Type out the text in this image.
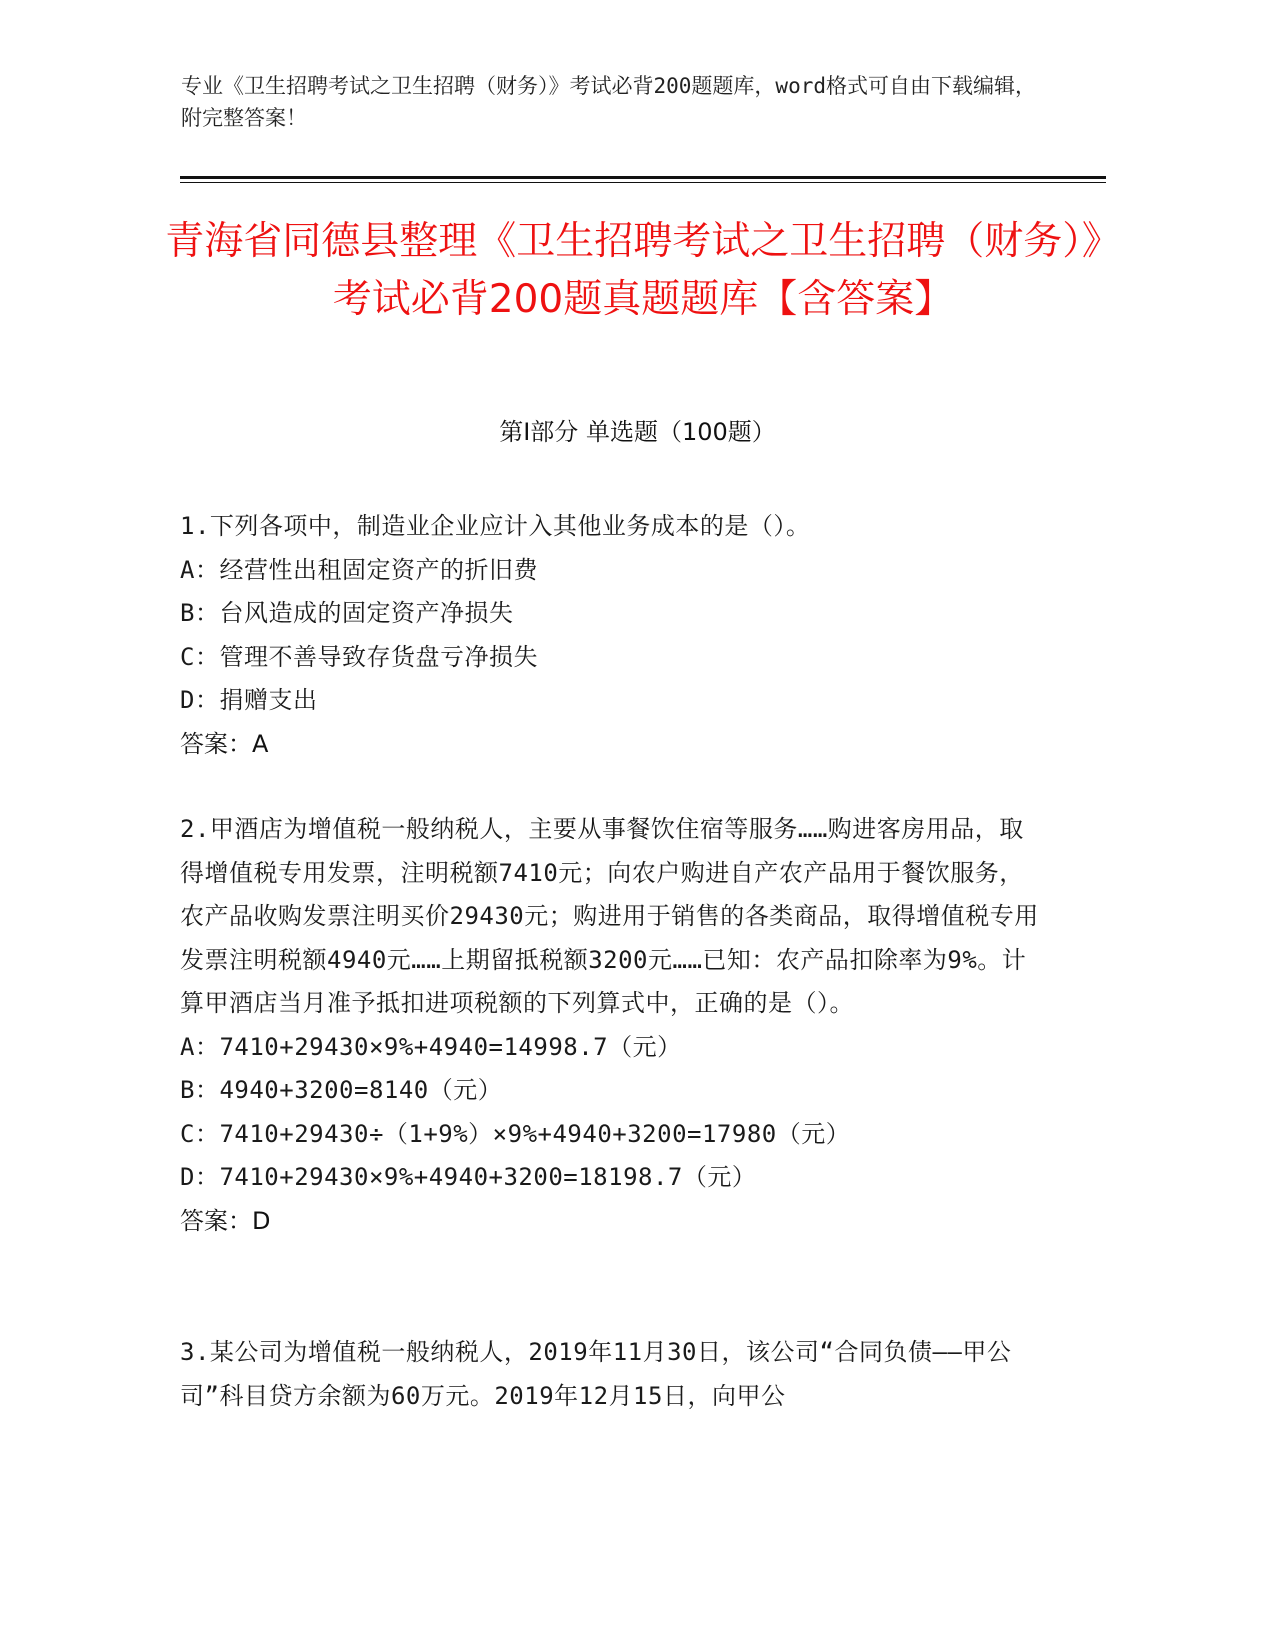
专业《卫生招聘考试之卫生招聘（财务）》考试必背200题题库，word格式可自由下载编辑，附完整答案！
青海省同德县整理《卫生招聘考试之卫生招聘（财务）》考试必背200题真题题库【含答案】
第I部分 单选题（100题）
1.下列各项中，制造业企业应计入其他业务成本的是（）。
A：经营性出租固定资产的折旧费
B：台风造成的固定资产净损失
C：管理不善导致存货盘亏净损失
D：捐赠支出
答案：A
2.甲酒店为增值税一般纳税人，主要从事餐饮住宿等服务……购进客房用品，取得增值税专用发票，注明税额7410元；向农户购进自产农产品用于餐饮服务，农产品收购发票注明买价29430元；购进用于销售的各类商品，取得增值税专用发票注明税额4940元……上期留抵税额3200元……已知：农产品扣除率为9%。计算甲酒店当月准予抵扣进项税额的下列算式中，正确的是（）。
A：7410+29430×9%+4940=14998.7（元）
B：4940+3200=8140（元）
C：7410+29430÷（1+9%）×9%+4940+3200=17980（元）
D：7410+29430×9%+4940+3200=18198.7（元）
答案：D
3.某公司为增值税一般纳税人，2019年11月30日，该公司“合同负债——甲公司”科目贷方余额为60万元。2019年12月15日，向甲公
